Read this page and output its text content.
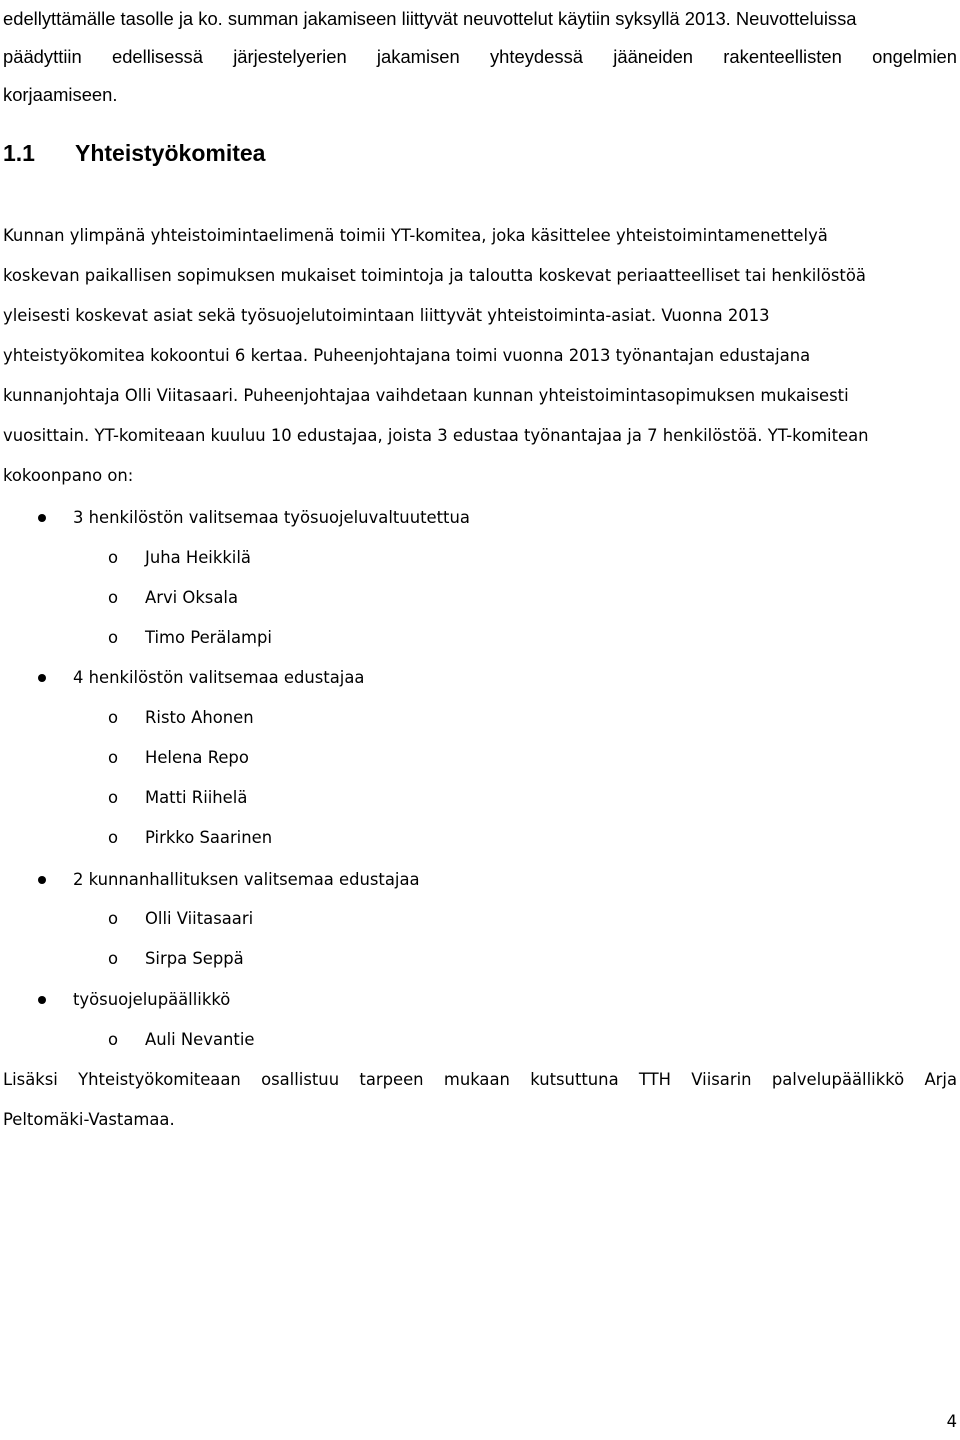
edellyttämälle tasolle ja ko. summan jakamiseen liittyvät neuvottelut käytiin syksyllä 2013. Neuvotteluissa
päädyttiin edellisessä järjestelyerien jakamisen yhteydessä jääneiden rakenteellisten ongelmien
korjaamiseen.
1.1 Yhteistyökomitea
Kunnan ylimpänä yhteistoimintaelimenä toimii YT-komitea, joka käsittelee yhteistoimintamenettelyä
koskevan paikallisen sopimuksen mukaiset toimintoja ja taloutta koskevat periaatteelliset tai henkilöstöä
yleisesti koskevat asiat sekä työsuojelutoimintaan liittyvät yhteistoiminta-asiat. Vuonna 2013
yhteistyökomitea kokoontui 6 kertaa. Puheenjohtajana toimi vuonna 2013 työnantajan edustajana
kunnanjohtaja Olli Viitasaari. Puheenjohtajaa vaihdetaan kunnan yhteistoimintasopimuksen mukaisesti
vuosittain. YT-komiteaan kuuluu 10 edustajaa, joista 3 edustaa työnantajaa ja 7 henkilöstöä. YT-komitean
kokoonpano on:
3 henkilöstön valitsemaa työsuojeluvaltuutettua
o Juha Heikkilä
o Arvi Oksala
o Timo Perälampi
4 henkilöstön valitsemaa edustajaa
o Risto Ahonen
o Helena Repo
o Matti Riihelä
o Pirkko Saarinen
2 kunnanhallituksen valitsemaa edustajaa
o Olli Viitasaari
o Sirpa Seppä
työsuojelupäällikkö
o Auli Nevantie
Lisäksi Yhteistyökomiteaan osallistuu tarpeen mukaan kutsuttuna TTH Viisarin palvelupäällikkö Arja
Peltomäki-Vastamaa.
4
